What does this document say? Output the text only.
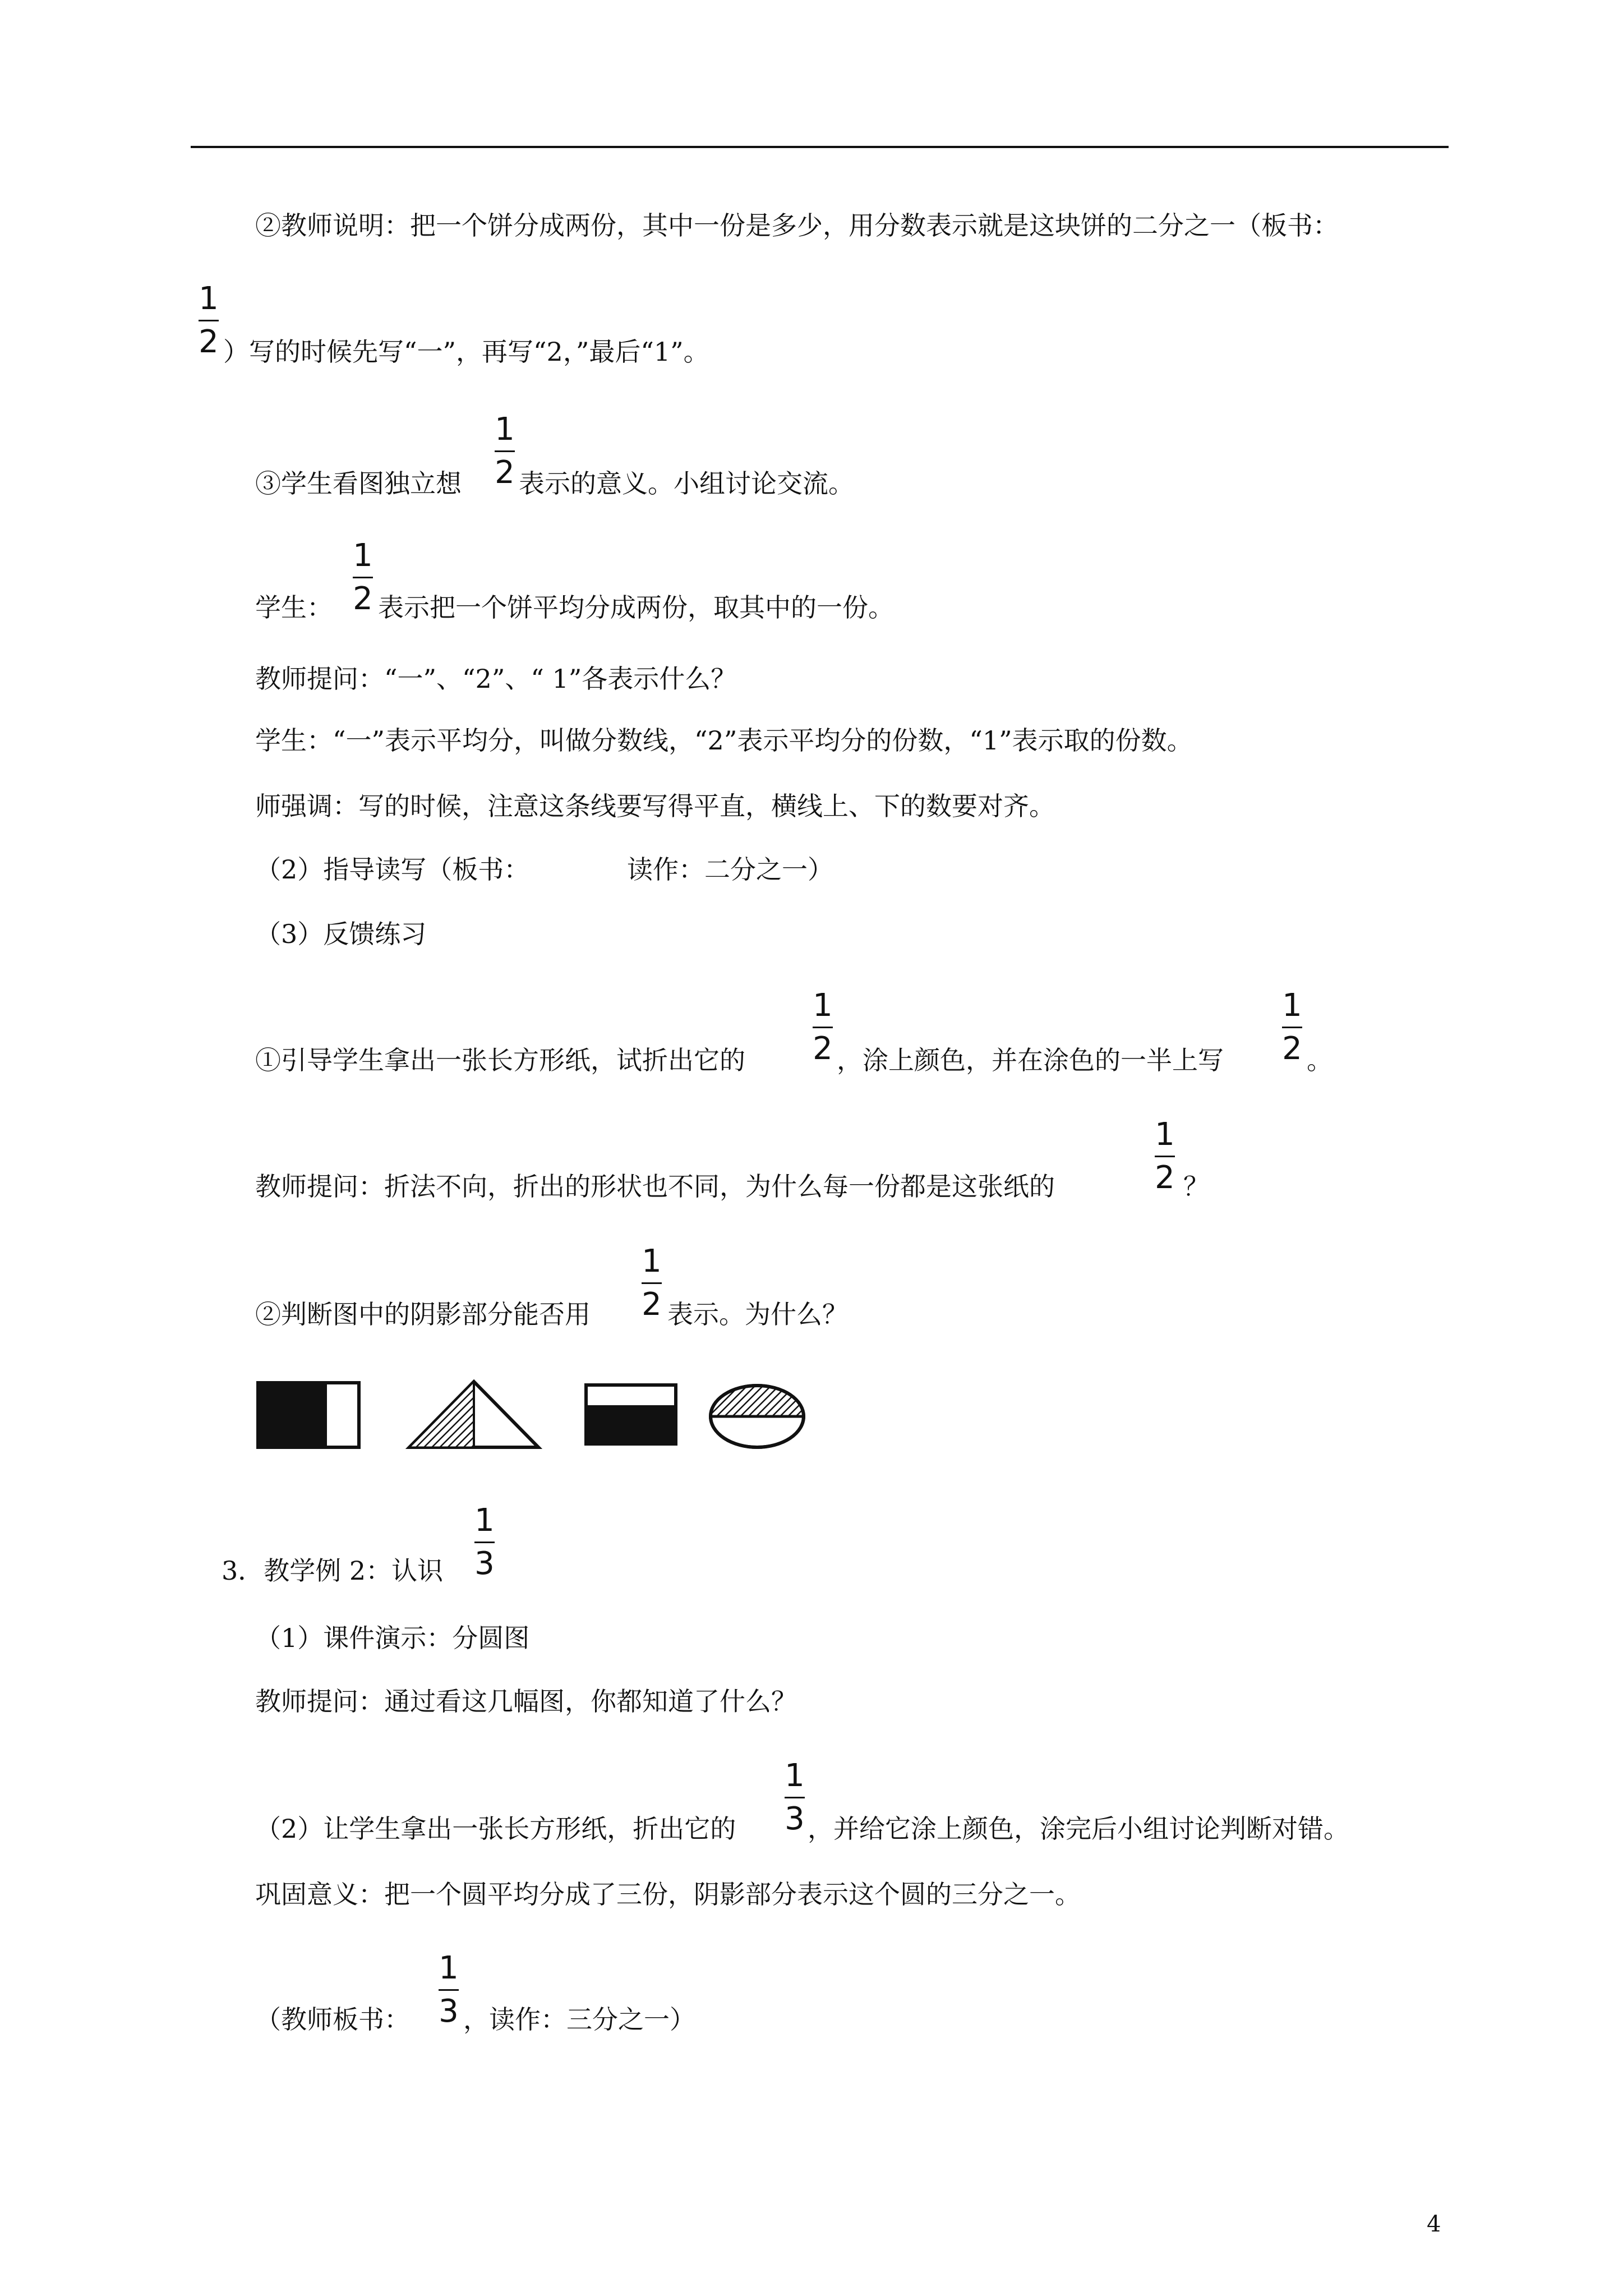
②教师说明：把一个饼分成两份，其中一份是多少，用分数表示就是这块饼的二分之一（板书：
1
2 ）写的时候先写“一”，再写“2，”最后“1”。
③学生看图独立想
1
2 表示的意义。小组讨论交流。
学生：
1
2 表示把一个饼平均分成两份，取其中的一份。
教师提问：“一”、“2”、“ 1”各表示什么？
学生：“一”表示平均分，叫做分数线，“2”表示平均分的份数，“1”表示取的份数。
师强调：写的时候，注意这条线要写得平直，横线上、下的数要对齐。
（2）指导读写（板书：	读作：二分之一）
（3）反馈练习
①引导学生拿出一张长方形纸，试折出它的
1
2 ，涂上颜色，并在涂色的一半上写
1
2 。
教师提问：折法不向，折出的形状也不同，为什么每一份都是这张纸的
1
2 ？
②判断图中的阴影部分能否用
1
2 表示。为什么？
3．教学例 2：认识
1
3
（1）课件演示：分圆图
教师提问：通过看这几幅图，你都知道了什么？
（2）让学生拿出一张长方形纸，折出它的
1
3 ，并给它涂上颜色，涂完后小组讨论判断对错。
巩固意义：把一个圆平均分成了三份，阴影部分表示这个圆的三分之一。
（教师板书：
1
3 ，读作：三分之一）
4
